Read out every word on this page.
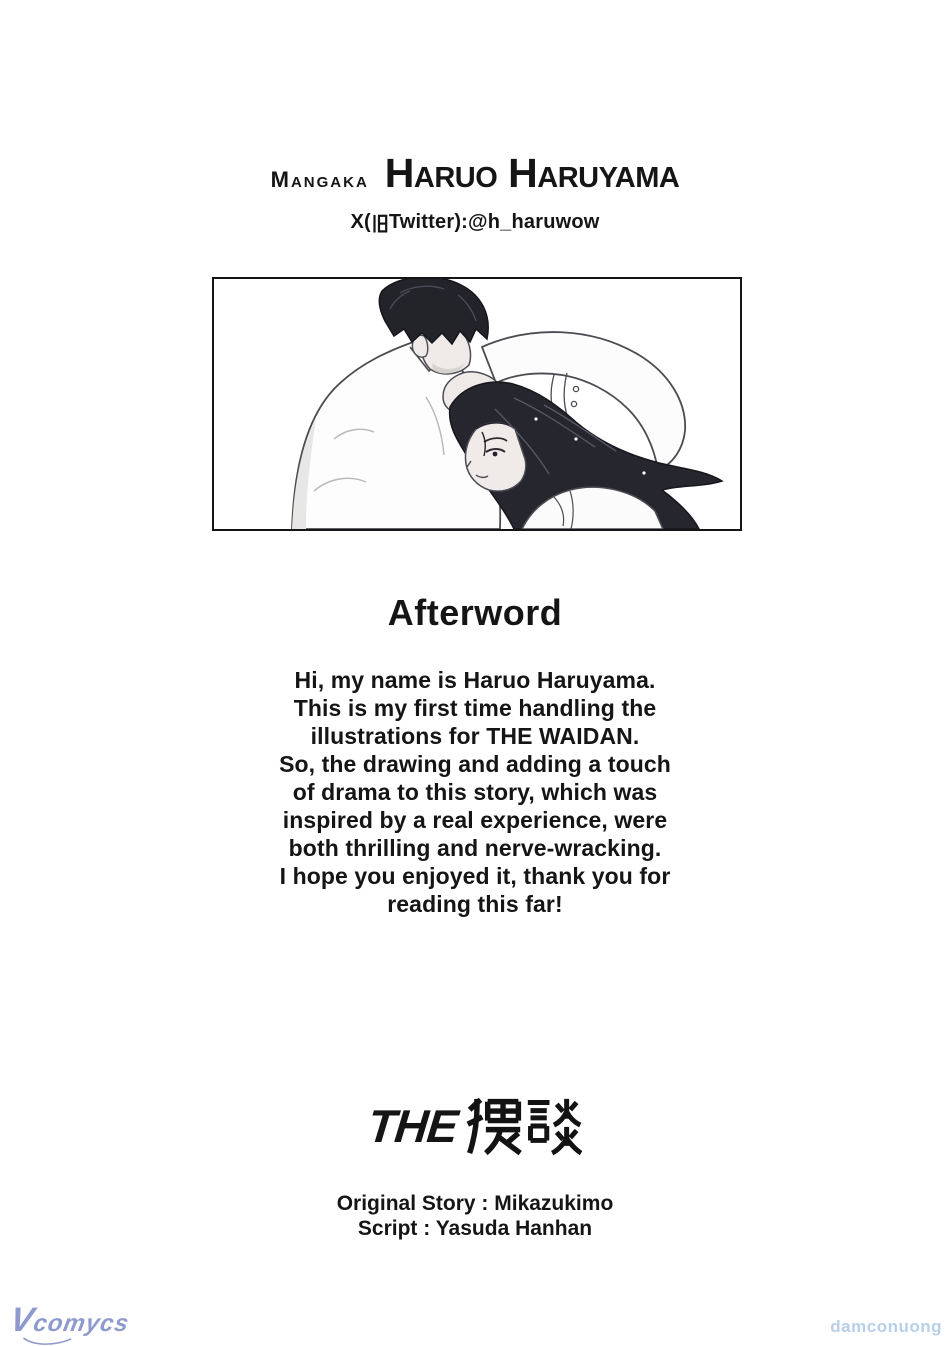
Mangaka Haruo Haruyama
X( Twitter):@h_haruwow
Afterword
Hi, my name is Haruo Haruyama.
This is my first time handling the
illustrations for THE WAIDAN.
So, the drawing and adding a touch
of drama to this story, which was
inspired by a real experience, were
both thrilling and nerve-wracking.
I hope you enjoyed it, thank you for
reading this far!
THE
Original Story : Mikazukimo
Script : Yasuda Hanhan
Vcomycs	damconuong
